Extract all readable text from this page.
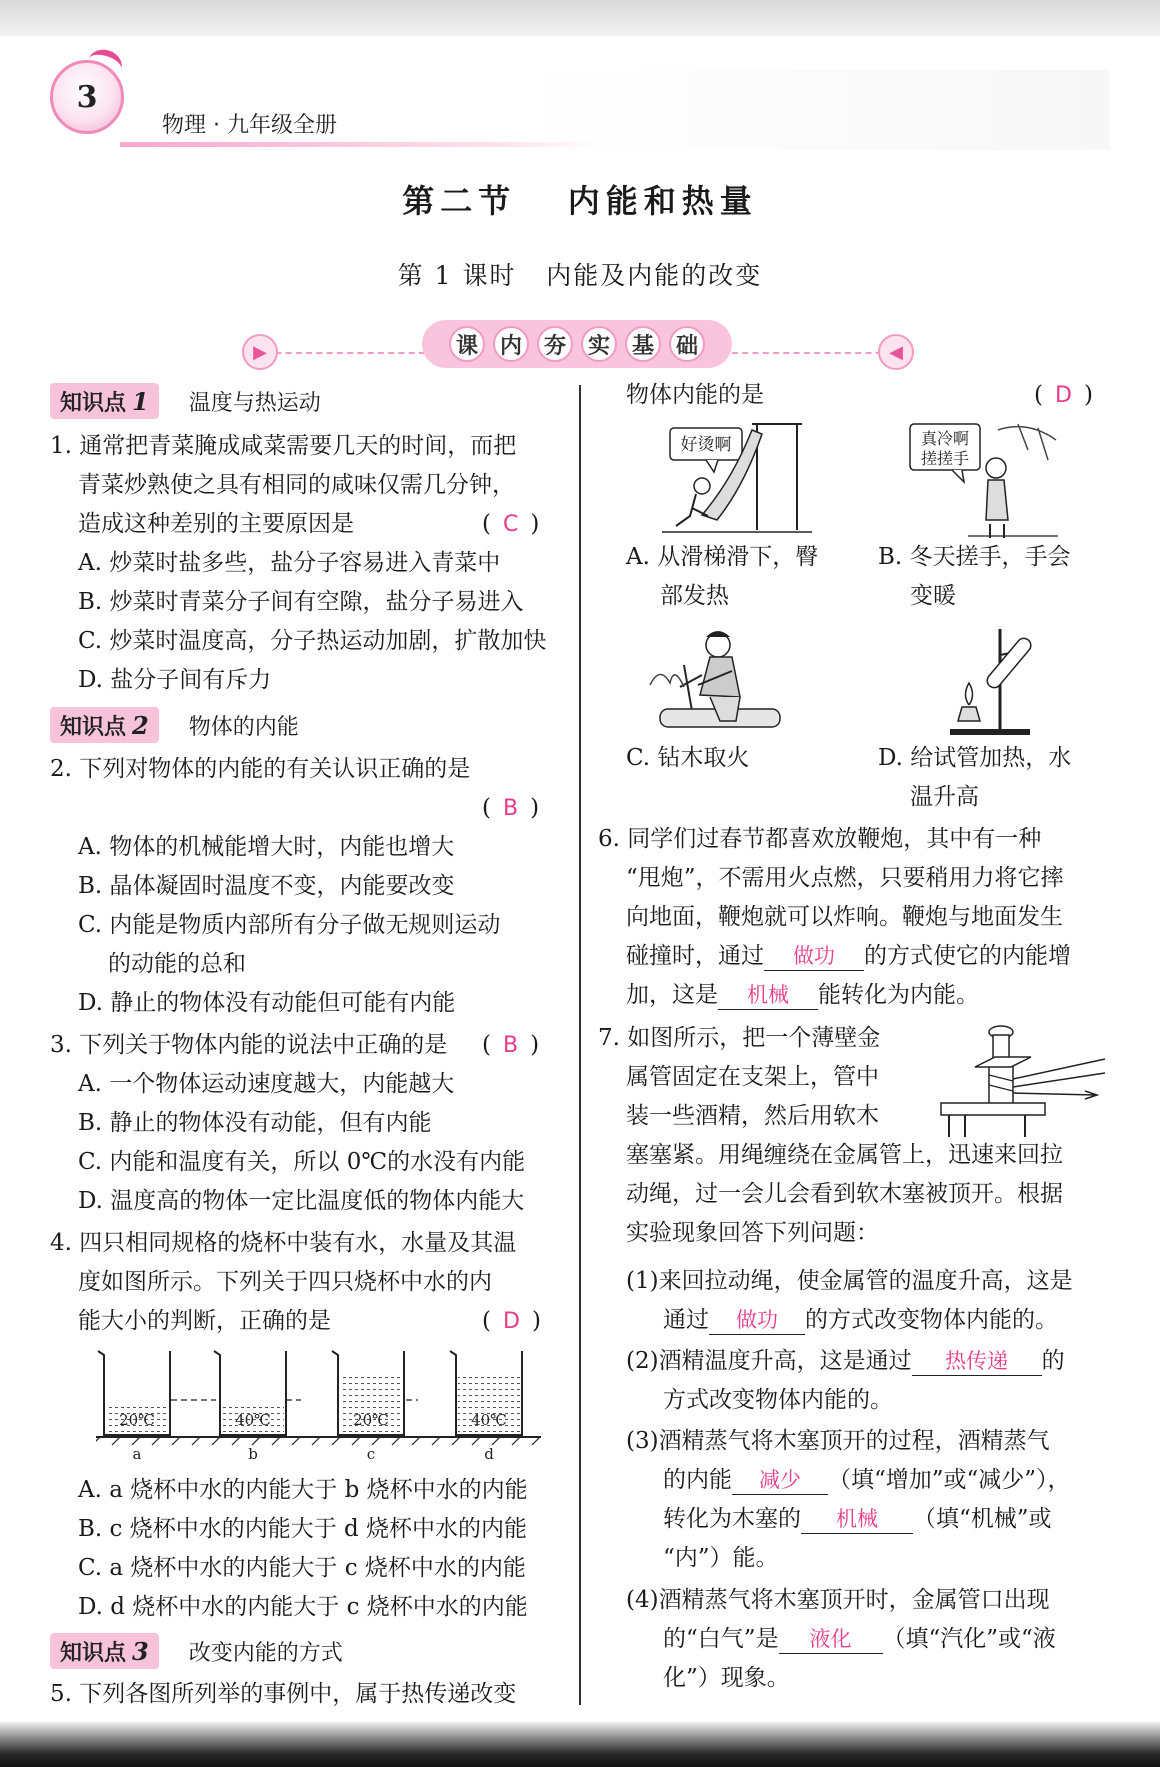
3
物理 · 九年级全册
第二节   内能和热量
第 1 课时   内能及内能的改变
▶	◀
课 内 夯 实 基 础
知识点 1 温度与热运动
1. 通常把青菜腌成咸菜需要几天的时间，而把
青菜炒熟使之具有相同的咸味仅需几分钟，
造成这种差别的主要原因是	( C )
A. 炒菜时盐多些，盐分子容易进入青菜中
B. 炒菜时青菜分子间有空隙，盐分子易进入
C. 炒菜时温度高，分子热运动加剧，扩散加快
D. 盐分子间有斥力
知识点 2 物体的内能
2. 下列对物体的内能的有关认识正确的是
( B )
A. 物体的机械能增大时，内能也增大
B. 晶体凝固时温度不变，内能要改变
C. 内能是物质内部所有分子做无规则运动
的动能的总和
D. 静止的物体没有动能但可能有内能
3. 下列关于物体内能的说法中正确的是 ( B )
A. 一个物体运动速度越大，内能越大
B. 静止的物体没有动能，但有内能
C. 内能和温度有关，所以 0℃的水没有内能
D. 温度高的物体一定比温度低的物体内能大
4. 四只相同规格的烧杯中装有水，水量及其温
度如图所示。下列关于四只烧杯中水的内
能大小的判断，正确的是	( D )
20℃	40℃	20℃	40℃
a	b	c	d
A. a 烧杯中水的内能大于 b 烧杯中水的内能
B. c 烧杯中水的内能大于 d 烧杯中水的内能
C. a 烧杯中水的内能大于 c 烧杯中水的内能
D. d 烧杯中水的内能大于 c 烧杯中水的内能
知识点 3 改变内能的方式
5. 下列各图所列举的事例中，属于热传递改变
物体内能的是	( D )
好烫啊
A. 从滑梯滑下，臀
部发热
真冷啊
搓搓手
B. 冬天搓手，手会
变暖
C. 钻木取火	D. 给试管加热，水
温升高
6. 同学们过春节都喜欢放鞭炮，其中有一种
“甩炮”，不需用火点燃，只要稍用力将它摔
向地面，鞭炮就可以炸响。鞭炮与地面发生
碰撞时，通过 做功 的方式使它的内能增
加，这是 机械 能转化为内能。
7. 如图所示，把一个薄壁金
属管固定在支架上，管中
装一些酒精，然后用软木
塞塞紧。用绳缠绕在金属管上，迅速来回拉
动绳，过一会儿会看到软木塞被顶开。根据
实验现象回答下列问题：
(1)来回拉动绳，使金属管的温度升高，这是
通过 做功 的方式改变物体内能的。
(2)酒精温度升高，这是通过 热传递 的
方式改变物体内能的。
(3)酒精蒸气将木塞顶开的过程，酒精蒸气
的内能 减少 （填“增加”或“减少”），
转化为木塞的 机械 （填“机械”或
“内”）能。
(4)酒精蒸气将木塞顶开时，金属管口出现
的“白气”是 液化 （填“汽化”或“液
化”）现象。
